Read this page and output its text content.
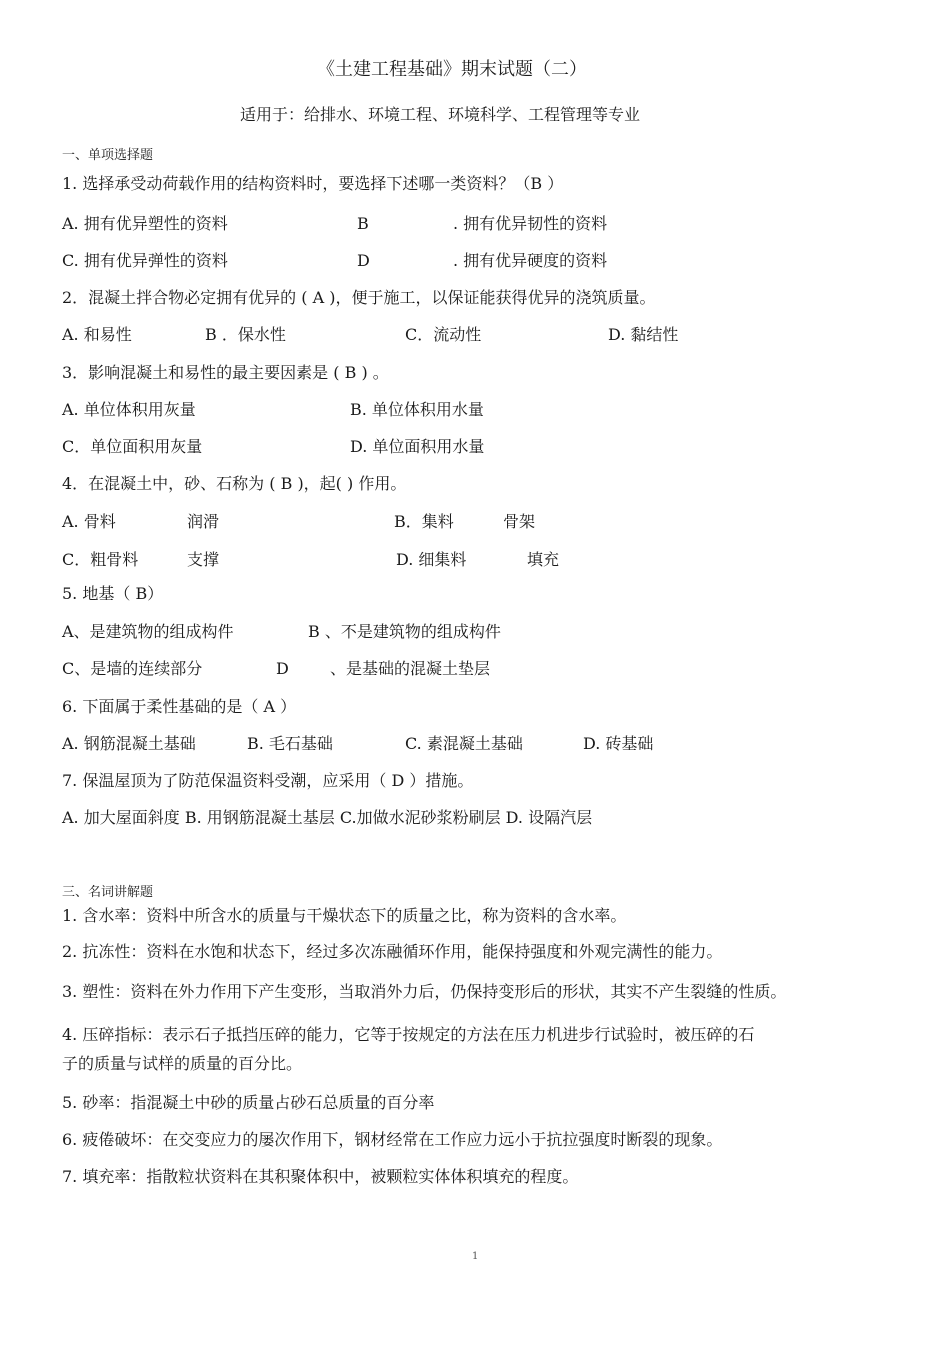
《土建工程基础》期末试题（二）
适用于：给排水、环境工程、环境科学、工程管理等专业
一、单项选择题
1. 选择承受动荷载作用的结构资料时，要选择下述哪一类资料？（B ）
A. 拥有优异塑性的资料	B	. 拥有优异韧性的资料
C. 拥有优异弹性的资料	D	. 拥有优异硬度的资料
2．混凝土拌合物必定拥有优异的 ( A )，便于施工，以保证能获得优异的浇筑质量。
A. 和易性	B ．保水性	C．流动性	D. 黏结性
3．影响混凝土和易性的最主要因素是 ( B ) 。
A. 单位体积用灰量	B. 单位体积用水量
C．单位面积用灰量	D. 单位面积用水量
4．在混凝土中，砂、石称为 ( B )，起( ) 作用。
A. 骨料	润滑	B．集料	骨架
C．粗骨料	支撑	D. 细集料	填充
5. 地基（ B）
A、是建筑物的组成构件	B 、不是建筑物的组成构件
C、是墙的连续部分	D	、是基础的混凝土垫层
6. 下面属于柔性基础的是（ A ）
A. 钢筋混凝土基础	B. 毛石基础	C. 素混凝土基础	D. 砖基础
7. 保温屋顶为了防范保温资料受潮，应采用（ D ）措施。
A. 加大屋面斜度 B. 用钢筋混凝土基层 C.加做水泥砂浆粉刷层 D. 设隔汽层
三、名词讲解题
1. 含水率：资料中所含水的质量与干燥状态下的质量之比，称为资料的含水率。
2. 抗冻性：资料在水饱和状态下，经过多次冻融循环作用，能保持强度和外观完满性的能力。
3. 塑性：资料在外力作用下产生变形，当取消外力后，仍保持变形后的形状，其实不产生裂缝的性质。
4. 压碎指标：表示石子抵挡压碎的能力，它等于按规定的方法在压力机进步行试验时，被压碎的石
子的质量与试样的质量的百分比。
5. 砂率：指混凝土中砂的质量占砂石总质量的百分率
6. 疲倦破坏：在交变应力的屡次作用下，钢材经常在工作应力远小于抗拉强度时断裂的现象。
7. 填充率：指散粒状资料在其积聚体积中，被颗粒实体体积填充的程度。
1
